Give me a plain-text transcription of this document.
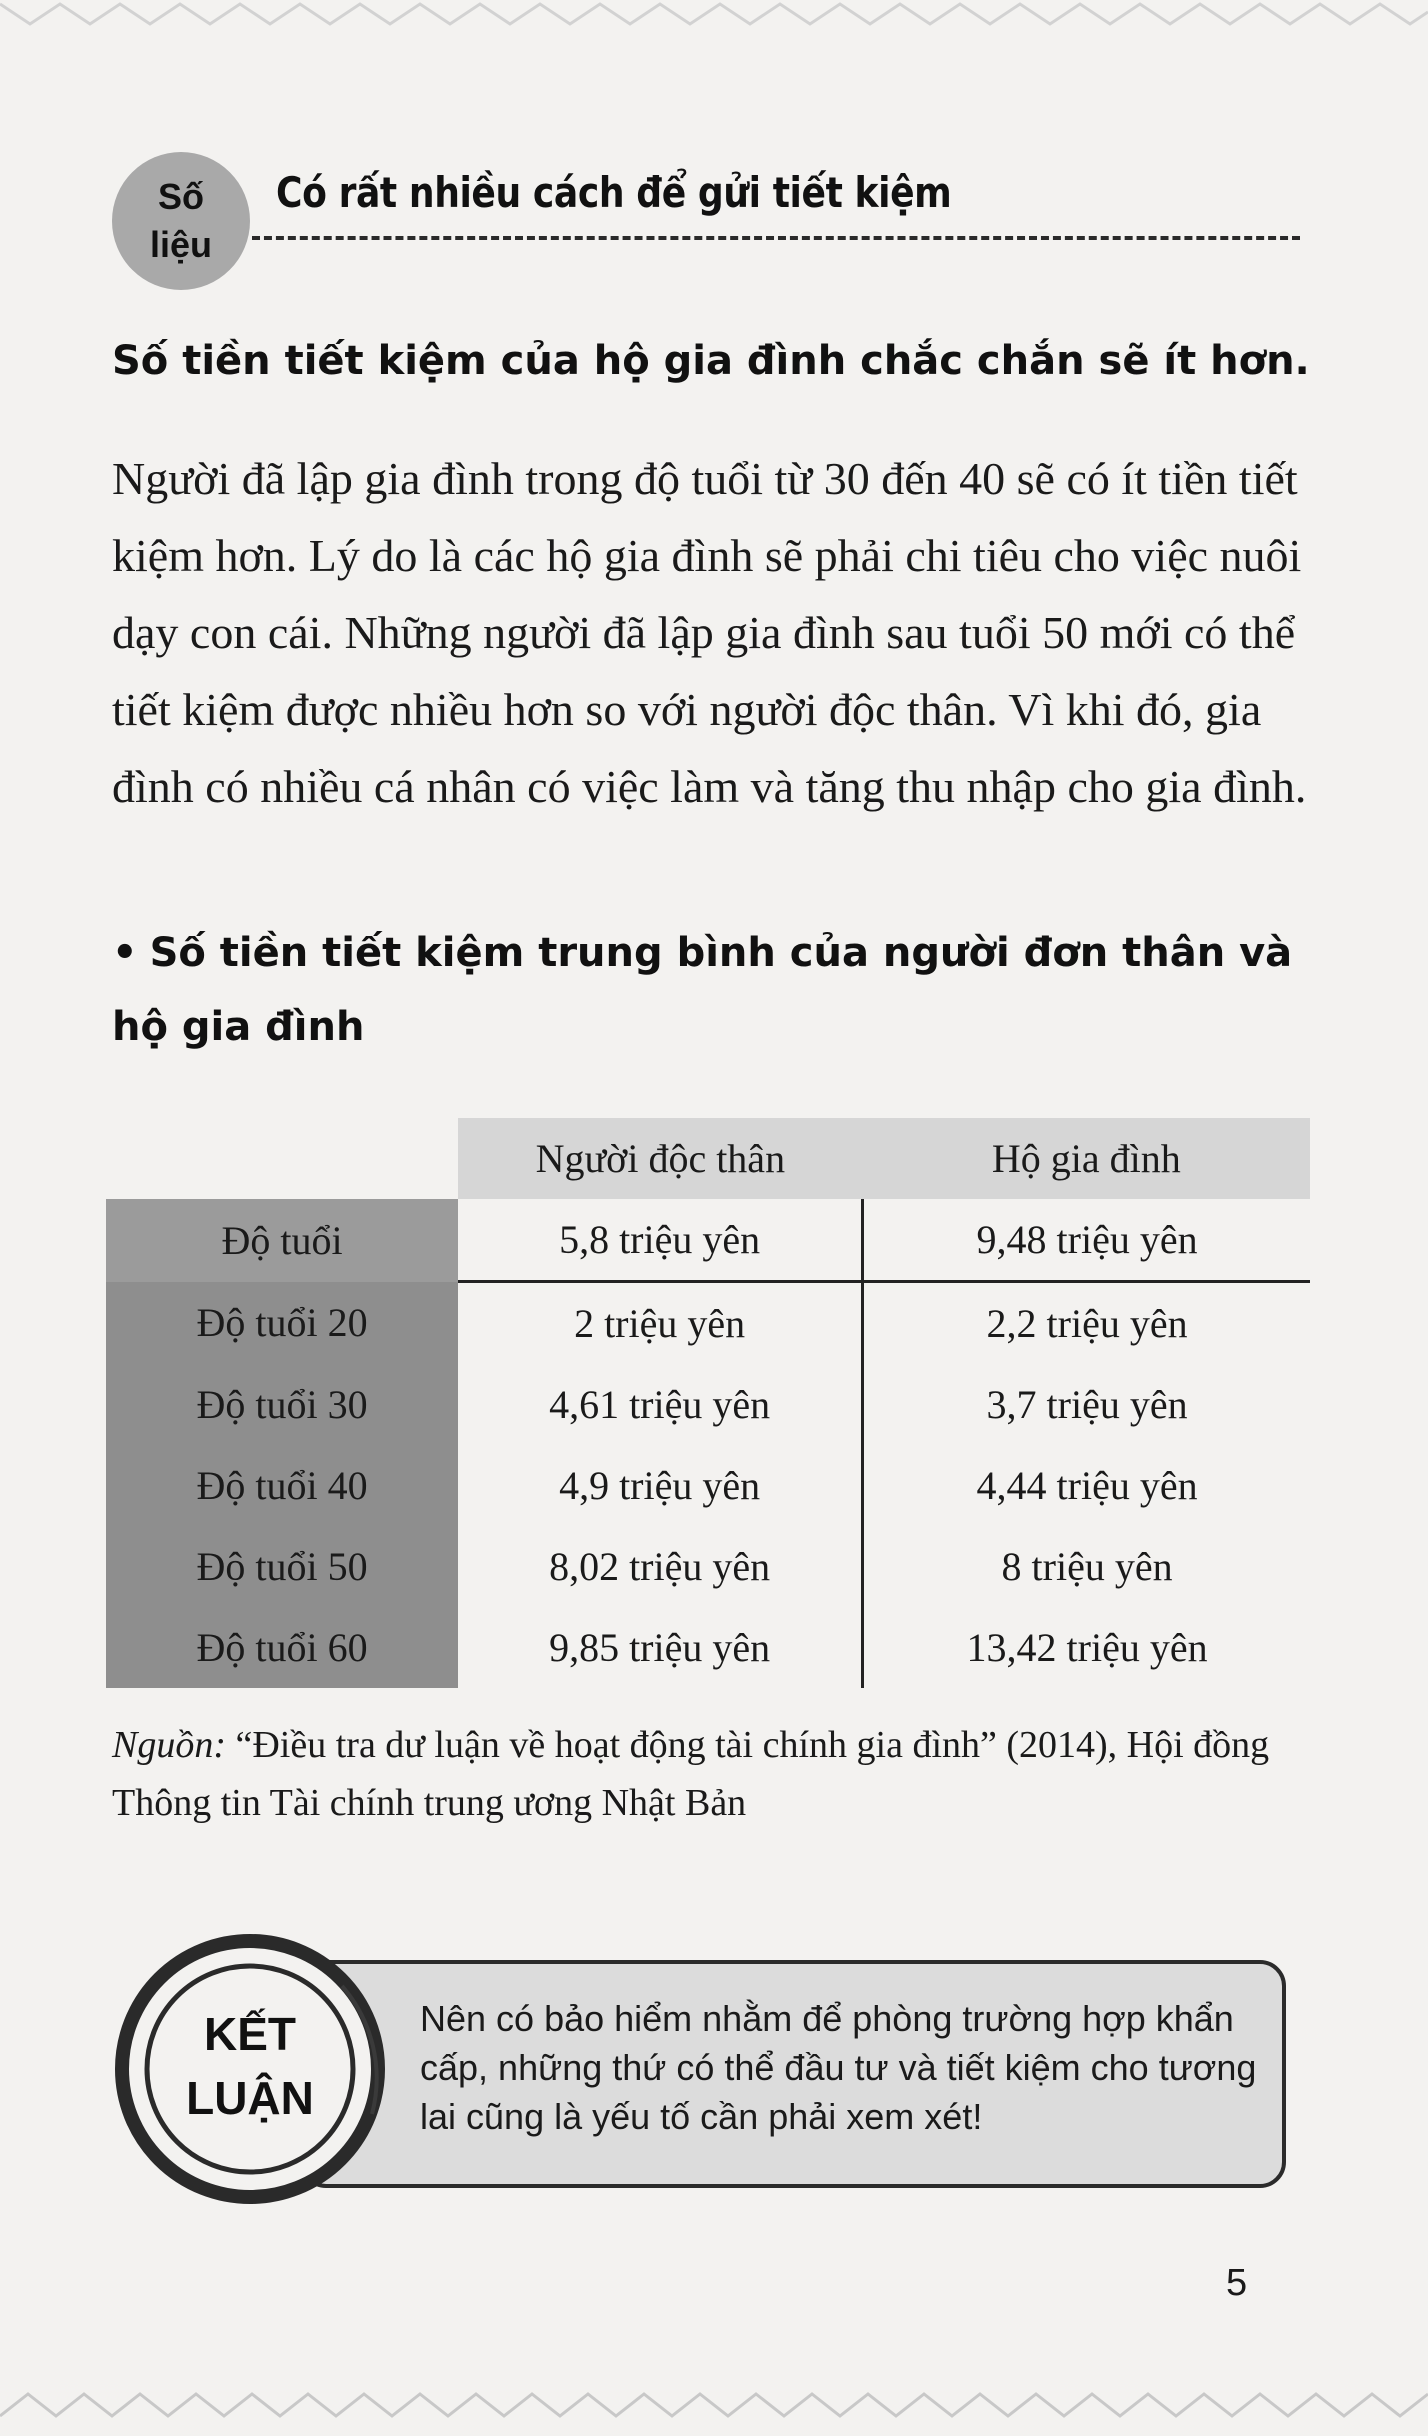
Số
liệu
Có rất nhiều cách để gửi tiết kiệm
Số tiền tiết kiệm của hộ gia đình chắc chắn sẽ ít hơn.
Người đã lập gia đình trong độ tuổi từ 30 đến 40 sẽ có ít tiền tiết kiệm hơn. Lý do là các hộ gia đình sẽ phải chi tiêu cho việc nuôi dạy con cái. Những người đã lập gia đình sau tuổi 50 mới có thể tiết kiệm được nhiều hơn so với người độc thân. Vì khi đó, gia đình có nhiều cá nhân có việc làm và tăng thu nhập cho gia đình.
• Số tiền tiết kiệm trung bình của người đơn thân và hộ gia đình
	Người độc thân	Hộ gia đình
Độ tuổi	5,8 triệu yên	9,48 triệu yên
Độ tuổi 20	2 triệu yên	2,2 triệu yên
Độ tuổi 30	4,61 triệu yên	3,7 triệu yên
Độ tuổi 40	4,9 triệu yên	4,44 triệu yên
Độ tuổi 50	8,02 triệu yên	8 triệu yên
Độ tuổi 60	9,85 triệu yên	13,42 triệu yên
Nguồn: “Điều tra dư luận về hoạt động tài chính gia đình” (2014), Hội đồng Thông tin Tài chính trung ương Nhật Bản
Nên có bảo hiểm nhằm để phòng trường hợp khẩn cấp, những thứ có thể đầu tư và tiết kiệm cho tương lai cũng là yếu tố cần phải xem xét!
KẾT
LUẬN
5
